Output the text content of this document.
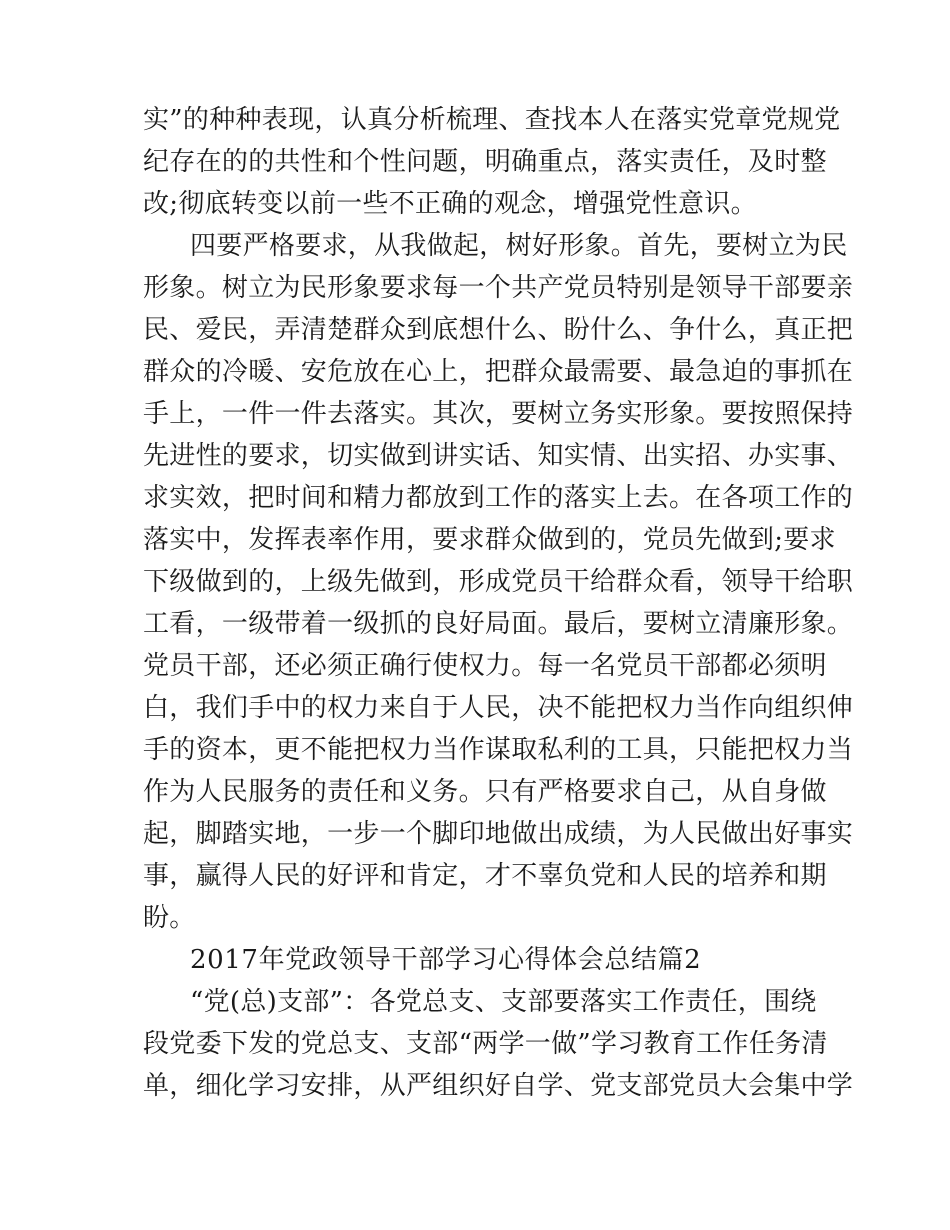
实”的种种表现，认真分析梳理、查找本人在落实党章党规党
纪存在的的共性和个性问题，明确重点，落实责任，及时整
改;彻底转变以前一些不正确的观念，增强党性意识。
四要严格要求，从我做起，树好形象。首先，要树立为民
形象。树立为民形象要求每一个共产党员特别是领导干部要亲
民、爱民，弄清楚群众到底想什么、盼什么、争什么，真正把
群众的冷暖、安危放在心上，把群众最需要、最急迫的事抓在
手上，一件一件去落实。其次，要树立务实形象。要按照保持
先进性的要求，切实做到讲实话、知实情、出实招、办实事、
求实效，把时间和精力都放到工作的落实上去。在各项工作的
落实中，发挥表率作用，要求群众做到的，党员先做到;要求
下级做到的，上级先做到，形成党员干给群众看，领导干给职
工看，一级带着一级抓的良好局面。最后，要树立清廉形象。
党员干部，还必须正确行使权力。每一名党员干部都必须明
白，我们手中的权力来自于人民，决不能把权力当作向组织伸
手的资本，更不能把权力当作谋取私利的工具，只能把权力当
作为人民服务的责任和义务。只有严格要求自己，从自身做
起，脚踏实地，一步一个脚印地做出成绩，为人民做出好事实
事，赢得人民的好评和肯定，才不辜负党和人民的培养和期
盼。
2017年党政领导干部学习心得体会总结篇2
“党(总)支部”：各党总支、支部要落实工作责任，围绕
段党委下发的党总支、支部“两学一做”学习教育工作任务清
单，细化学习安排，从严组织好自学、党支部党员大会集中学
